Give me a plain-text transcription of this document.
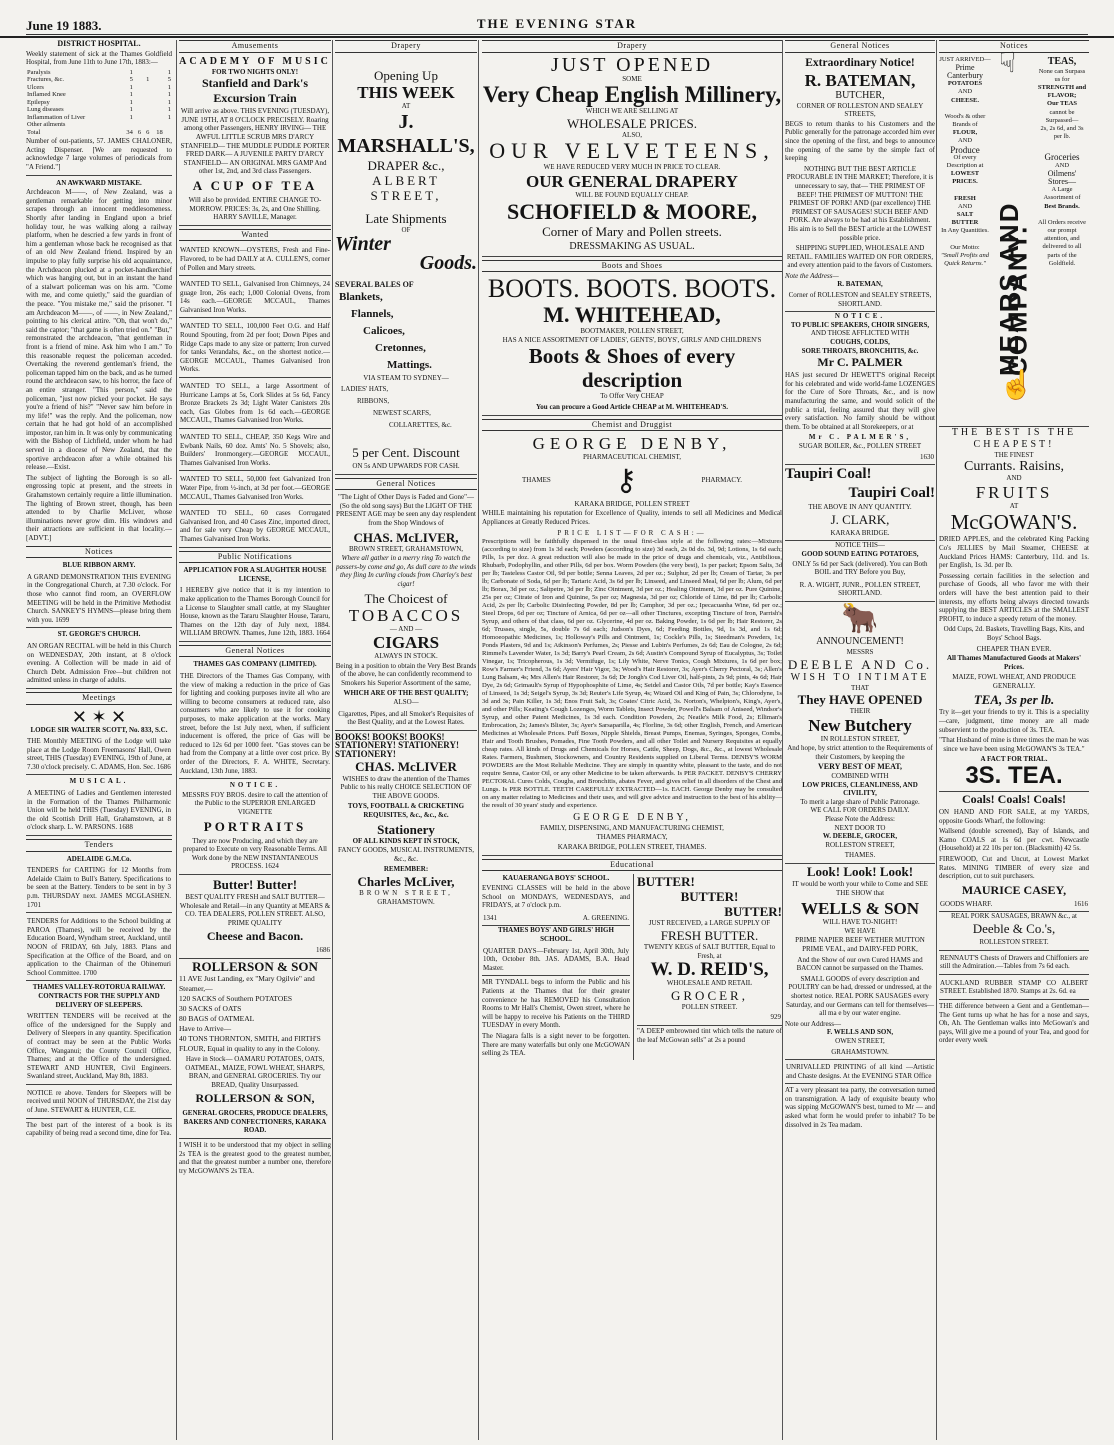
June 19 1883.	THE EVENING STAR
DISTRICT HOSPITAL.

Weekly statement of sick at the Thames Goldfield Hospital, from June 11th to June 17th, 1883:—

Paralysis	1				1
Fractures, &c.	5		1		5
Ulcers	1				1
Inflamed Knee	1				1
Epilepsy	1				1
Lung diseases	1				1
Inflammation of Liver	1				1
Other ailments					
Total	34	6	6	18	

Number of out-patients, 57. JAMES CHALONER, Acting Dispenser. [We are requested to acknowledge 7 large volumes of periodicals from "A Friend."]

AN AWKWARD MISTAKE.

Archdeacon M——, of New Zealand, was a gentleman remarkable for getting into minor scrapes through an innocent meddlesomeness. Shortly after landing in England upon a brief holiday tour, he was walking along a railway platform, when he descried a few yards in front of him a gentleman whose back he recognised as that of an old New Zealand friend. Inspired by an impulse to play fully surprise his old acquaintance, the Archdeacon plucked at a pocket-handkerchief which was hanging out, but in an instant the hand of a stalwart policeman was on his arm. "Come with me, and come quietly," said the guardian of the peace. "You mistake me," said the prisoner. "I am Archdeacon M——, of ——, in New Zealand," pointing to his clerical attire. "Oh, that won't do," said the captor; "that game is often tried on." "But," remonstrated the archdeacon, "that gentleman in front is a friend of mine. Ask him who I am." To this reasonable request the policeman acceded. Overtaking the reverend gentleman's friend, the policeman tapped him on the back, and as he turned round the archdeacon saw, to his horror, the face of an entire stranger. "This person," said the policeman, "just now picked your pocket. He says you're a friend of his?" "Never saw him before in my life!" was the reply. And the policeman, now certain that he had got hold of an accomplished impostor, ran him in. It was only by communicating with the Bishop of Lichfield, under whom he had served in a diocese of New Zealand, that the sportive archdeacon after a while obtained his release.—Exist.

The subject of lighting the Borough is so all-engrossing topic at present, and the streets in Grahamstown certainly require a little illumination. The lighting of Brown street, though, has been attended to by Charlie McLiver, whose illuminations never grow dim. His windows and their attractions are sufficient in that locality.—[ADVT.]

Notices
BLUE RIBBON ARMY.

A GRAND DEMONSTRATION THIS EVENING in the Congregational Church, at 7.30 o'clock. For those who cannot find room, an OVERFLOW MEETING will be held in the Primitive Methodist Church. SANKEY'S HYMNS—please bring them with you. 1699

ST. GEORGE'S CHURCH.

AN ORGAN RECITAL will be held in this Church on WEDNESDAY, 20th instant, at 8 o'clock evening. A Collection will be made in aid of Church Debt. Admission Free—but children not admitted unless in charge of adults.

Meetings
✕ ✶ ✕
LODGE SIR WALTER SCOTT, No. 833, S.C.

THE Monthly MEETING of the Lodge will take place at the Lodge Room Freemasons' Hall, Owen street, THIS (Tuesday) EVENING, 19th of June, at 7.30 o'clock precisely. C. ADAMS, Hon. Sec. 1686

MUSICAL.

A MEETING of Ladies and Gentlemen interested in the Formation of the Thames Philharmonic Union will be held THIS (Tuesday) EVENING, in the old Scottish Drill Hall, Grahamstown, at 8 o'clock sharp. L. W. PARSONS. 1688

Tenders
ADELAIDE G.M.Co.

TENDERS for CARTING for 12 Months from Adelaide Claim to Bull's Battery. Specifications to be seen at the Battery. Tenders to be sent in by 3 p.m. THURSDAY next. JAMES MCGLASHEN. 1701

TENDERS for Additions to the School building at PAROA (Thames), will be received by the Education Board, Wyndham street, Auckland, until NOON of FRIDAY, 6th July, 1883. Plans and Specification at the Office of the Board, and on application to the Chairman of the Ohinemuri School Committee. 1700

THAMES VALLEY-ROTORUA RAILWAY.
CONTRACTS FOR THE SUPPLY AND DELIVERY OF SLEEPERS.

WRITTEN TENDERS will be received at the office of the undersigned for the Supply and Delivery of Sleepers in any quantity. Specification of contract may be seen at the Public Works Office, Wanganui; the County Council Office, Thames; and at the Office of the undersigned. STEWART AND HUNTER, Civil Engineers. Swanland street, Auckland, May 8th, 1883.

NOTICE re above. Tenders for Sleepers will be received until NOON of THURSDAY, the 21st day of June. STEWART & HUNTER, C.E.

The best part of the interest of a book is its capability of being read a second time, dine for Tea.

Amusements
ACADEMY OF MUSIC
FOR TWO NIGHTS ONLY!
Stanfield and Dark's
Excursion Train

Will arrive as above. THIS EVENING (TUESDAY), JUNE 19TH, AT 8 O'CLOCK PRECISELY. Roaring among other Passengers, HENRY IRVING— THE AWFUL LITTLE SCRUB MRS D'ARCY STANFIELD— THE MUDDLE PUDDLE PORTER FRED DARK— A JUVENILE PARTY D'ARCY STANFIELD— AN ORIGINAL MRS GAMP And other 1st, 2nd, and 3rd class Passengers.

A CUP OF TEA

Will also be provided. ENTIRE CHANGE TO-MORROW. PRICES: 3s, 2s, and One Shilling. HARRY SAVILLE, Manager.

Wanted

WANTED KNOWN—OYSTERS, Fresh and Fine-Flavored, to be had DAILY at A. CULLEN'S, corner of Pollen and Mary streets.

WANTED TO SELL, Galvanised Iron Chimneys, 24 guage Iron, 26s each; 1,000 Colonial Ovens, from 14s each.—GEORGE MCCAUL, Thames Galvanised Iron Works.

WANTED TO SELL, 100,000 Feet O.G. and Half Round Spouting, from 2d per foot; Down Pipes and Ridge Caps made to any size or pattern; Iron curved for tanks Verandahs, &c., on the shortest notice.—GEORGE MCCAUL, Thames Galvanised Iron Works.

WANTED TO SELL, a large Assortment of Hurricane Lamps at 5s, Cork Slides at 5s 6d, Fancy Bronze Brackets 2s 3d; Light Water Canisters 20s each, Gas Globes from 1s 6d each.—GEORGE MCCAUL, Thames Galvanised Iron Works.

WANTED TO SELL, CHEAP, 350 Kegs Wire and Ewbank Nails, 60 doz. Amts' No. 5 Shovels; also, Builders' Ironmongery.—GEORGE MCCAUL, Thames Galvanised Iron Works.

WANTED TO SELL, 50,000 feet Galvanized Iron Water Pipe, from ½-inch, at 3d per foot.—GEORGE MCCAUL, Thames Galvanised Iron Works.

WANTED TO SELL, 60 cases Corrugated Galvanised Iron, and 40 Cases Zinc, imported direct, and for sale very Cheap by GEORGE MCCAUL, Thames Galvanised Iron Works.

Public Notifications
APPLICATION FOR A SLAUGHTER HOUSE LICENSE,

I HEREBY give notice that it is my intention to make application to the Thames Borough Council for a License to Slaughter small cattle, at my Slaughter House, known as the Tararu Slaughter House, Tararu, Thames on the 12th day of July next, 1884. WILLIAM BROWN. Thames, June 12th, 1883. 1664

General Notices
THAMES GAS COMPANY (LIMITED).

THE Directors of the Thames Gas Company, with the view of making a reduction in the price of Gas for lighting and cooking purposes invite all who are willing to become consumers at reduced rate, also consumers who are likely to use it for cooking purposes, to make application at the works. Mary street, before the 1st July next, when, if sufficient inducement is offered, the price of Gas will be reduced to 12s 6d per 1000 feet. "Gas stoves can be had from the Company at a little over cost price. By order of the Directors, F. A. WHITE, Secretary. Auckland, 13th June, 1883.

NOTICE.

MESSRS FOY BROS. desire to call the attention of the Public to the SUPERIOR ENLARGED VIGNETTE

PORTRAITS

They are now Producing, and which they are prepared to Execute on very Reasonable Terms. All Work done by the NEW INSTANTANEOUS PROCESS. 1624

Butter! Butter!

BEST QUALITY FRESH and SALT BUTTER—Wholesale and Retail—in any Quantity at MEARS & CO. TEA DEALERS, POLLEN STREET. ALSO, PRIME QUALITY

Cheese and Bacon.
1686
ROLLERSON & SON
11 AVE Just Landing, ex "Mary Ogilvie" and Steamer,—
120 SACKS of Southern POTATOES
30 SACKS of OATS
80 BAGS of OATMEAL
Have to Arrive—
40 TONS THORNTON, SMITH, and FIRTH'S FLOUR, Equal in quality to any in the Colony.

Have in Stock— OAMARU POTATOES, OATS, OATMEAL, MAIZE, FOWL WHEAT, SHARPS, BRAN, and GENERAL GROCERIES. Try our BREAD, Quality Unsurpassed.

ROLLERSON & SON,

GENERAL GROCERS, PRODUCE DEALERS, BAKERS AND CONFECTIONERS, KARAKA ROAD.

I WISH it to be understood that my object in selling 2s TEA is the greatest good to the greatest number, and that the greatest number a number one, therefore try McGOWAN'S 2s TEA.

Drapery
Opening Up
THIS WEEK
AT
J. MARSHALL'S,
DRAPER &c.,
ALBERT STREET,
Late Shipments
OF
Winter
Goods.
SEVERAL BALES OF
Blankets,
Flannels,
Calicoes,
Cretonnes,
Mattings.
VIA STEAM TO SYDNEY—
LADIES' HATS,
RIBBONS,
NEWEST SCARFS,
COLLARETTES, &c.
5 per Cent. Discount
ON 5s AND UPWARDS FOR CASH.
General Notices

"The Light of Other Days is Faded and Gone"— (So the old song says) But the LIGHT OF THE PRESENT AGE may be seen any day resplendent from the Shop Windows of

CHAS. McLIVER,
BROWN STREET, GRAHAMSTOWN,

Where all gather in a merry ring To watch the passers-by come and go, As dull care to the winds they fling In curling clouds from Charley's best cigar!

The Choicest of
TOBACCOS
— AND —
CIGARS
ALWAYS IN STOCK.

Being in a position to obtain the Very Best Brands of the above, he can confidently recommend to Smokers his Superior Assortment of the same,

WHICH ARE OF THE BEST QUALITY;
ALSO—

Cigarettes, Pipes, and all Smoker's Requisites of the Best Quality, and at the Lowest Rates.

BOOKS! BOOKS! BOOKS!
STATIONERY! STATIONERY! STATIONERY!
CHAS. McLIVER

WISHES to draw the attention of the Thames Public to his really CHOICE SELECTION OF THE ABOVE GOODS.

TOYS, FOOTBALL & CRICKETING REQUISITES, &c., &c., &c.

Stationery
OF ALL KINDS KEPT IN STOCK,

FANCY GOODS, MUSICAL INSTRUMENTS, &c., &c.

REMEMBER:
Charles McLiver,
BROWN STREET,
GRAHAMSTOWN.
Drapery
JUST OPENED
SOME
Very Cheap English Millinery,
WHICH WE ARE SELLING AT
WHOLESALE PRICES.
ALSO,
OUR VELVETEENS,
WE HAVE REDUCED VERY MUCH IN PRICE TO CLEAR.
OUR GENERAL DRAPERY
WILL BE FOUND EQUALLY CHEAP.
SCHOFIELD & MOORE,
Corner of Mary and Pollen streets.
DRESSMAKING AS USUAL.
Boots and Shoes
BOOTS. BOOTS. BOOTS.
M. WHITEHEAD,
BOOTMAKER, POLLEN STREET,
HAS A NICE ASSORTMENT OF LADIES', GENTS', BOYS', GIRLS' AND CHILDREN'S
Boots & Shoes of every description
To Offer Very CHEAP
You can procure a Good Article CHEAP at M. WHITEHEAD'S.
Chemist and Druggist
GEORGE DENBY,
PHARMACEUTICAL CHEMIST,
THAMES ⚷	PHARMACY.
KARAKA BRIDGE, POLLEN STREET

WHILE maintaining his reputation for Excellence of Quality, intends to sell all Medicines and Medical Appliances at Greatly Reduced Prices.

PRICE LIST—FOR CASH:—

Prescriptions will be faithfully dispensed in the usual first-class style at the following rates:—Mixtures (according to size) from 1s 3d each; Powders (according to size) 3d each, 2s 0d do. 3d, 9d; Lotions, 1s 6d each; Pills, 1s per doz. A great reduction will also be made in the price of drugs and chemicals, viz., Antibilious, Rhubarb, Podophyllin, and other Pills, 6d per box. Worm Powders (the very best), 1s per packet; Epsom Salts, 3d per lb; Tasteless Castor Oil, 9d per bottle; Senna Leaves, 2d per oz.; Sulphur, 2d per lb; Cream of Tartar, 3s per lb; Carbonate of Soda, 6d per lb; Tartaric Acid, 3s 6d per lb; Linseed, and Linseed Meal, 6d per lb; Alum, 6d per lb; Borax, 3d per oz.; Saltpetre, 3d per lb; Zinc Ointment, 3d per oz.; Healing Ointment, 3d per oz. Pure Quinine, 25s per oz; Citrate of Iron and Quinine, 5s per oz; Magnesia, 3d per oz; Chloride of Lime, 8d per lb; Carbolic Acid, 2s per lb; Carbolic Disinfecting Powder, 8d per lb; Camphor, 3d per oz.; Ipecacuanha Wine, 6d per oz.; Steel Drops, 6d per oz; Tincture of Arnica, 6d per oz—all other Tinctures, excepting Tincture of Iron, Parrish's Syrup, and others of that class, 6d per oz. Glycerine, 4d per oz. Baking Powder, 1s 6d per lb; Hair Restorer, 2s 6d; Trusses, single, 5s, double 7s 6d each; Judson's Dyes, 6d; Feeding Bottles, 9d, 1s 3d, and 1s 6d; Homoeopathic Medicines, 1s; Holloway's Pills and Ointment, 1s; Cockle's Pills, 1s; Steedman's Powders, 1s; Ponds Plasters, 9d and 1s; Atkinson's Perfumes, 2s; Piesse and Lubin's Perfumes, 2s 6d; Eau de Cologne, 2s 6d; Rimmel's Lavender Water, 1s 3d; Barry's Pearl Cream, 2s 6d; Austin's Compound Syrup of Eucalyptus, 3s; Toilet Vinegar, 1s; Tricopherous, 1s 3d; Vermifuge, 1s; Lily White, Nerve Tonics, Cough Mixtures, 1s 6d per box; Row's Farmer's Friend, 3s 6d; Ayers' Hair Vigor, 3s; Wood's Hair Restorer, 3s; Ayer's Cherry Pectoral, 3s; Allen's Lung Balsam, 4s; Mrs Allen's Hair Restorer, 3s 6d; Dr Jongh's Cod Liver Oil, half-pints, 2s 9d; pints, 4s 6d; Hair Dye, 2s 6d; Grimault's Syrup of Hypophosphite of Lime, 4s; Seidel and Castor Oils, 7d per bottle; Kay's Essence of Linseed, 1s 3d; Seigel's Syrup, 3s 3d; Reuter's Life Syrup, 4s; Wizard Oil and King of Pain, 3s; Chlorodyne, 1s 3d and 3s; Pain Killer, 1s 3d; Enos Fruit Salt, 3s; Coates' Citric Acid, 3s. Norton's, Whelpton's, King's, Ayer's, and other Pills; Keating's Cough Lozenges, Worm Tablets, Insect Powder, Powell's Balsam of Aniseed, Windsor's Syrup, and other Patent Medicines, 1s 3d each. Condition Powders, 2s; Neatle's Milk Food, 2s; Elliman's Embrocation, 2s; James's Blister, 3s; Ayer's Sarsaparilla, 4s; Florline, 3s 6d; other English, French, and American Medicines at Wholesale Prices. Puff Boxes, Nipple Shields, Breast Pumps, Enemas, Syringes, Sponges, Combs, Hair and Tooth Brushes, Pomades, Fine Tooth Powders, and all other Toilet and Nursery Requisites at equally cheap rates. All kinds of Drugs and Chemicals for Horses, Cattle, Sheep, Dogs, &c., &c., at lowest Wholesale Rates. Farmers, Bushmen, Stockowners, and Country Residents supplied on Liberal Terms. DENBY'S WORM POWDERS are the Most Reliable Medicine. They are simply in quantity white, pleasant to the taste, and do not require Senna, Castor Oil, or any other Medicine to be taken afterwards. Is PER PACKET. DENBY'S CHERRY PECTORAL Cures Colds, Coughs, and Bronchitis, abates Fever, and gives relief in all disorders of the Chest and Lungs. Is PER BOTTLE. TEETH CAREFULLY EXTRACTED—1s. EACH. George Denby may be consulted on any matter relating to Medicines and their uses, and will give advice and instruction to the best of his ability—the result of 30 years' study and experience.

GEORGE DENBY,
FAMILY, DISPENSING, AND MANUFACTURING CHEMIST,
THAMES PHARMACY,
KARAKA BRIDGE, POLLEN STREET, THAMES.
Educational
KAUAERANGA BOYS' SCHOOL.

EVENING CLASSES will be held in the above School on MONDAYS, WEDNESDAYS, and FRIDAYS, at 7 o'clock p.m.

1341	A. GREENING.
THAMES BOYS' AND GIRLS' HIGH SCHOOL.

QUARTER DAYS—February 1st, April 30th, July 10th, October 8th. JAS. ADAMS, B.A. Head Master.

MR TYNDALL begs to inform the Public and his Patients at the Thames that for their greater convenience he has REMOVED his Consultation Rooms to Mr Hall's Chemist, Owen street, where he will be happy to receive his Patients on the THIRD TUESDAY in every Month.

The Niagara falls is a sight never to be forgotten. There are many waterfalls but only one McGOWAN selling 2s TEA.

BUTTER!
BUTTER!
BUTTER!
JUST RECEIVED, a LARGE SUPPLY OF
FRESH BUTTER.
TWENTY KEGS of SALT BUTTER, Equal to Fresh, at
W. D. REID'S,
WHOLESALE AND RETAIL
GROCER,
POLLEN STREET.
929

"A DEEP embrowned tint which tells the nature of the leaf McGowan sells" at 2s a pound

General Notices
Extraordinary Notice!
R. BATEMAN,
BUTCHER,
CORNER OF ROLLESTON AND SEALEY STREETS,

BEGS to return thanks to his Customers and the Public generally for the patronage accorded him ever since the opening of the first, and begs to announce the opening of the same by the simple fact of keeping

NOTHING BUT THE BEST ARTICLE PROCURABLE IN THE MARKET; Therefore, it is unnecessary to say, that— THE PRIMEST OF BEEF! THE PRIMEST OF MUTTON! THE PRIMEST OF PORK! AND (par excellence) THE PRIMEST OF SAUSAGES! SUCH BEEF AND PORK. Are always to be had at his Establishment. His aim is to Sell the BEST article at the LOWEST possible price.

SHIPPING SUPPLIED, WHOLESALE AND RETAIL. FAMILIES WAITED ON FOR ORDERS, and every attention paid to the favors of Customers.

Note the Address—
R. BATEMAN,
Corner of ROLLESTON and SEALEY STREETS, SHORTLAND.
NOTICE.
TO PUBLIC SPEAKERS, CHOIR SINGERS,
AND THOSE AFFLICTED WITH
COUGHS, COLDS,
SORE THROATS, BRONCHITIS, &c.
Mr C. PALMER

HAS just secured Dr HEWETT'S original Receipt for his celebrated and wide world-fame LOZENGES for the Cure of Sore Throats, &c., and is now manufacturing the same, and would solicit of the public a trial, feeling assured that they will give every satisfaction. No family should be without them. To be obtained at all Storekeepers, or at

Mr C. PALMER'S,
SUGAR BOILER, &c., POLLEN STREET
1630
Taupiri Coal!
Taupiri Coal!
THE ABOVE IN ANY QUANTITY.
J. CLARK,
KARAKA BRIDGE.
NOTICE THIS—
GOOD SOUND EATING POTATOES,

ONLY 5s 6d per Sack (delivered). You can Both BOIL and TRY Before you Buy,

R. A. WIGHT, JUNR., POLLEN STREET, SHORTLAND.
🐂
ANNOUNCEMENT!
MESSRS
DEEBLE AND Co.
WISH TO INTIMATE
THAT
They HAVE OPENED
THEIR
New Butchery
IN ROLLESTON STREET,

And hope, by strict attention to the Requirements of their Customers, by keeping the

VERY BEST OF MEAT,
COMBINED WITH
LOW PRICES, CLEANLINESS, AND CIVILITY,
To merit a large share of Public Patronage.
WE CALL FOR ORDERS DAILY.
Please Note the Address:
NEXT DOOR TO
W. DEEBLE, GROCER,
ROLLESTON STREET,
THAMES.
Look! Look! Look!

IT would be worth your while to Come and SEE THE SHOW that

WELLS & SON
WILL HAVE TO-NIGHT!
WE HAVE

PRIME NAPIER BEEF WETHER MUTTON PRIME VEAL, and DAIRY-FED PORK,

And the Show of our own Cured HAMS and BACON cannot be surpassed on the Thames.

SMALL GOODS of every description and POULTRY can be had, dressed or undressed, at the shortest notice. REAL PORK SAUSAGES every Saturday, and our Germans can tell for themselves—all ma e by our water engine.

Note our Address—
F. WELLS AND SON,
OWEN STREET,
GRAHAMSTOWN.

UNRIVALLED PRINTING of all kind —Artistic and Chaste designs. At the EVENING STAR Office

AT a very pleasant tea party, the conversation turned on transmigration. A lady of exquisite beauty who was sipping McGOWAN'S best, turned to Mr — and asked what form he would prefer to inhabit? To be dissolved in 2s Tea madam.

Notices
JUST ARRIVED—
Prime Canterbury
POTATOES
AND
CHEESE.
Wood's & other Brands of
FLOUR,
AND
Produce
Of every Description at
LOWEST PRICES.
FRESH
AND
SALT
BUTTER
In Any Quantities.
Our Motto:
"Small Profits and Quick Returns." MEARS AND COMPANY.
☟
☝
TEAS,
None can Surpass us for
STRENGTH and
FLAVOR;
Our TEAS
cannot be
Surpassed—
2s, 2s 6d, and 3s per lb.
Groceries
AND
Oilmens' Stores—
A Large Assortment of
Best Brands.
All Orders receive our prompt attention, and delivered to all parts of the Goldfield.
THE BEST IS THE CHEAPEST!
THE FINEST
Currants. Raisins,
AND
FRUITS
AT
McGOWAN'S.

DRIED APPLES, and the celebrated King Packing Co's JELLIES by Mail Steamer, CHEESE at Auckland Prices HAMS: Canterbury, 11d. and 1s. per English, 1s. 3d. per lb.

Possessing certain facilities in the selection and purchase of Goods, all who favor me with their orders will have the best attention paid to their interests, my efforts being always directed towards supplying the BEST ARTICLES at the SMALLEST PROFIT, to induce a speedy return of the money.

Odd Cups, 2d. Baskets, Travelling Bags, Kits, and Boys' School Bags.

CHEAPER THAN EVER.

All Thames Manufactured Goods at Makers' Prices.

MAIZE, FOWL WHEAT, AND PRODUCE GENERALLY.

TEA, 3s per lb.

Try it—get your friends to try it. This is a speciality—care, judgment, time money are all made subservient to the production of 3s. TEA.

"That Husband of mine is three times the man he was since we have been using McGOWAN'S 3s TEA."

A FACT FOR TRIAL.
3S. TEA.
Coals! Coals! Coals!

ON HAND AND FOR SALE, at my YARDS, opposite Goods Wharf, the following:

Wallsend (double screened), Bay of Islands, and Kamo COALS at 1s 6d per cwt. Newcastle (Household) at 22 10s per ton. (Blacksmith) 42 5s.

FIREWOOD, Cut and Uncut, at Lowest Market Rates. MINING TIMBER of every size and description, cut to suit purchasers.

MAURICE CASEY,
GOODS WHARF.	1616
REAL PORK SAUSAGES, BRAWN &c., at
Deeble & Co.'s,
ROLLESTON STREET.

RENNAUT'S Chests of Drawers and Chiffoniers are still the Admiration.—Tables from 7s 6d each.

AUCKLAND RUBBER STAMP CO ALBERT STREET. Established 1870. Stamps at 2s. 6d. ea

THE difference between a Gent and a Gentleman—The Gent turns up what he has for a nose and says, Oh, Ah. The Gentleman walks into McGowan's and pays, Will give me a pound of your Tea, and good for order every week
